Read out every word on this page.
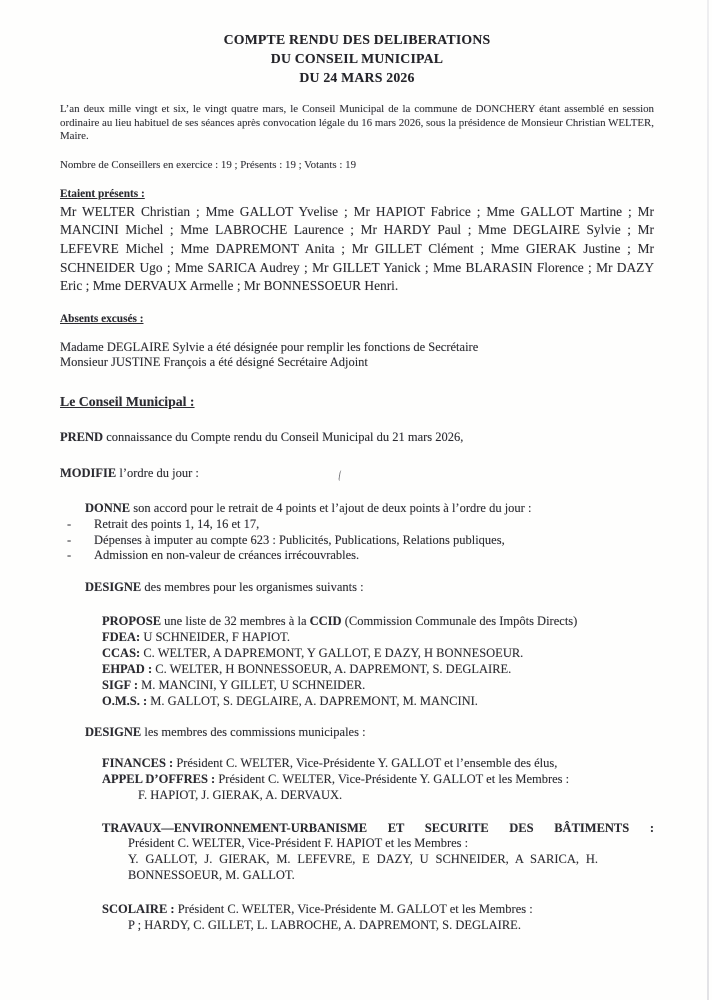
COMPTE RENDU DES DELIBERATIONS
DU CONSEIL MUNICIPAL
DU 24 MARS 2026

L’an deux mille vingt et six, le vingt quatre mars, le Conseil Municipal de la commune de DONCHERY étant assemblé en session ordinaire au lieu habituel de ses séances après convocation légale du 16 mars 2026, sous la présidence de Monsieur Christian WELTER, Maire.

Nombre de Conseillers en exercice : 19 ; Présents : 19 ; Votants : 19

Etaient présents :

Mr WELTER Christian ; Mme GALLOT Yvelise ; Mr HAPIOT Fabrice ; Mme GALLOT Martine ; Mr MANCINI Michel ; Mme LABROCHE Laurence ; Mr HARDY Paul ; Mme DEGLAIRE Sylvie ; Mr LEFEVRE Michel ; Mme DAPREMONT Anita ; Mr GILLET Clément ; Mme GIERAK Justine ; Mr SCHNEIDER Ugo ; Mme SARICA Audrey ; Mr GILLET Yanick ; Mme BLARASIN Florence ; Mr DAZY Eric ; Mme DERVAUX Armelle ; Mr BONNESSOEUR Henri.

Absents excusés :

Madame DEGLAIRE Sylvie a été désignée pour remplir les fonctions de Secrétaire
Monsieur JUSTINE François a été désigné Secrétaire Adjoint

Le Conseil Municipal :

PREND connaissance du Compte rendu du Conseil Municipal du 21 mars 2026,

MODIFIE l’ordre du jour :

DONNE son accord pour le retrait de 4 points et l’ajout de deux points à l’ordre du jour :

-	Retrait des points 1, 14, 16 et 17,
-	Dépenses à imputer au compte 623 : Publicités, Publications, Relations publiques,
-	Admission en non-valeur de créances irrécouvrables.

DESIGNE des membres pour les organismes suivants :

PROPOSE une liste de 32 membres à la CCID (Commission Communale des Impôts Directs)
FDEA: U SCHNEIDER, F HAPIOT.
CCAS: C. WELTER, A DAPREMONT, Y GALLOT, E DAZY, H BONNESOEUR.
EHPAD : C. WELTER, H BONNESSOEUR, A. DAPREMONT, S. DEGLAIRE.
SIGF : M. MANCINI, Y GILLET, U SCHNEIDER.
O.M.S. : M. GALLOT, S. DEGLAIRE, A. DAPREMONT, M. MANCINI.

DESIGNE les membres des commissions municipales :

FINANCES : Président C. WELTER, Vice-Présidente Y. GALLOT et l’ensemble des élus,
APPEL D’OFFRES : Président C. WELTER, Vice-Présidente Y. GALLOT et les Membres :
F. HAPIOT, J. GIERAK, A. DERVAUX.
TRAVAUX—ENVIRONNEMENT-URBANISME ET SECURITE DES BÂTIMENTS :
Président C. WELTER, Vice-Président F. HAPIOT et les Membres :
Y. GALLOT, J. GIERAK, M. LEFEVRE, E DAZY, U SCHNEIDER, A SARICA, H. BONNESSOEUR, M. GALLOT.
SCOLAIRE : Président C. WELTER, Vice-Présidente M. GALLOT et les Membres :
P ; HARDY, C. GILLET, L. LABROCHE, A. DAPREMONT, S. DEGLAIRE.
